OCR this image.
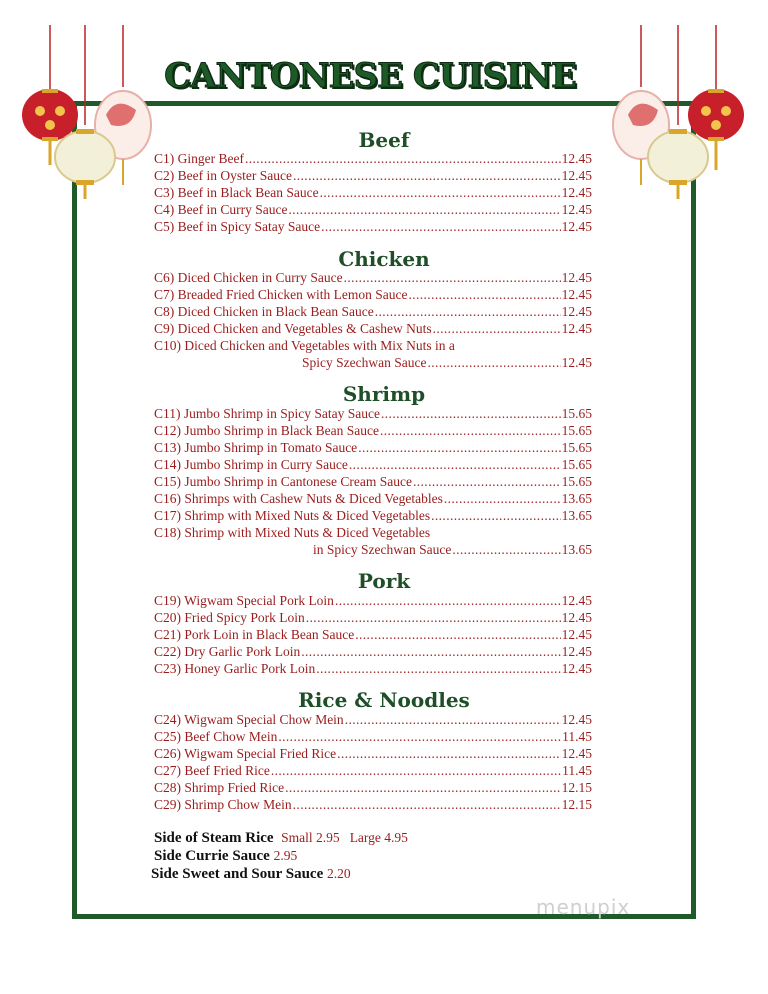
CANTONESE CUISINE
Beef
C1) Ginger Beef .....	12.45
C2) Beef in Oyster Sauce .....	12.45
C3) Beef in Black Bean Sauce .....	12.45
C4) Beef in Curry Sauce .....	12.45
C5) Beef in Spicy Satay Sauce .....	12.45
Chicken
C6) Diced Chicken in Curry Sauce .....	12.45
C7) Breaded Fried Chicken with Lemon Sauce .....	12.45
C8) Diced Chicken in Black Bean Sauce .....	12.45
C9) Diced Chicken and Vegetables & Cashew Nuts .....	12.45
C10) Diced Chicken and Vegetables with Mix Nuts in a
Spicy Szechwan Sauce .....	12.45
Shrimp
C11) Jumbo Shrimp in Spicy Satay Sauce .....	15.65
C12) Jumbo Shrimp in Black Bean Sauce .....	15.65
C13) Jumbo Shrimp in Tomato Sauce .....	15.65
C14) Jumbo Shrimp in Curry Sauce .....	15.65
C15) Jumbo Shrimp in Cantonese Cream Sauce .....	15.65
C16) Shrimps with Cashew Nuts & Diced Vegetables .....	13.65
C17) Shrimp with Mixed Nuts & Diced Vegetables .....	13.65
C18) Shrimp with Mixed Nuts & Diced Vegetables
in Spicy Szechwan Sauce .....	13.65
Pork
C19) Wigwam Special Pork Loin .....	12.45
C20) Fried Spicy Pork Loin .....	12.45
C21) Pork Loin in Black Bean Sauce .....	12.45
C22) Dry Garlic Pork Loin .....	12.45
C23) Honey Garlic Pork Loin .....	12.45
Rice & Noodles
C24) Wigwam Special Chow Mein .....	12.45
C25) Beef Chow Mein .....	11.45
C26) Wigwam Special Fried Rice .....	12.45
C27) Beef Fried Rice .....	11.45
C28) Shrimp Fried Rice .....	12.15
C29) Shrimp Chow Mein .....	12.15
Side of Steam Rice Small 2.95   Large 4.95
Side Currie Sauce 2.95
Side Sweet and Sour Sauce 2.20
menupix
